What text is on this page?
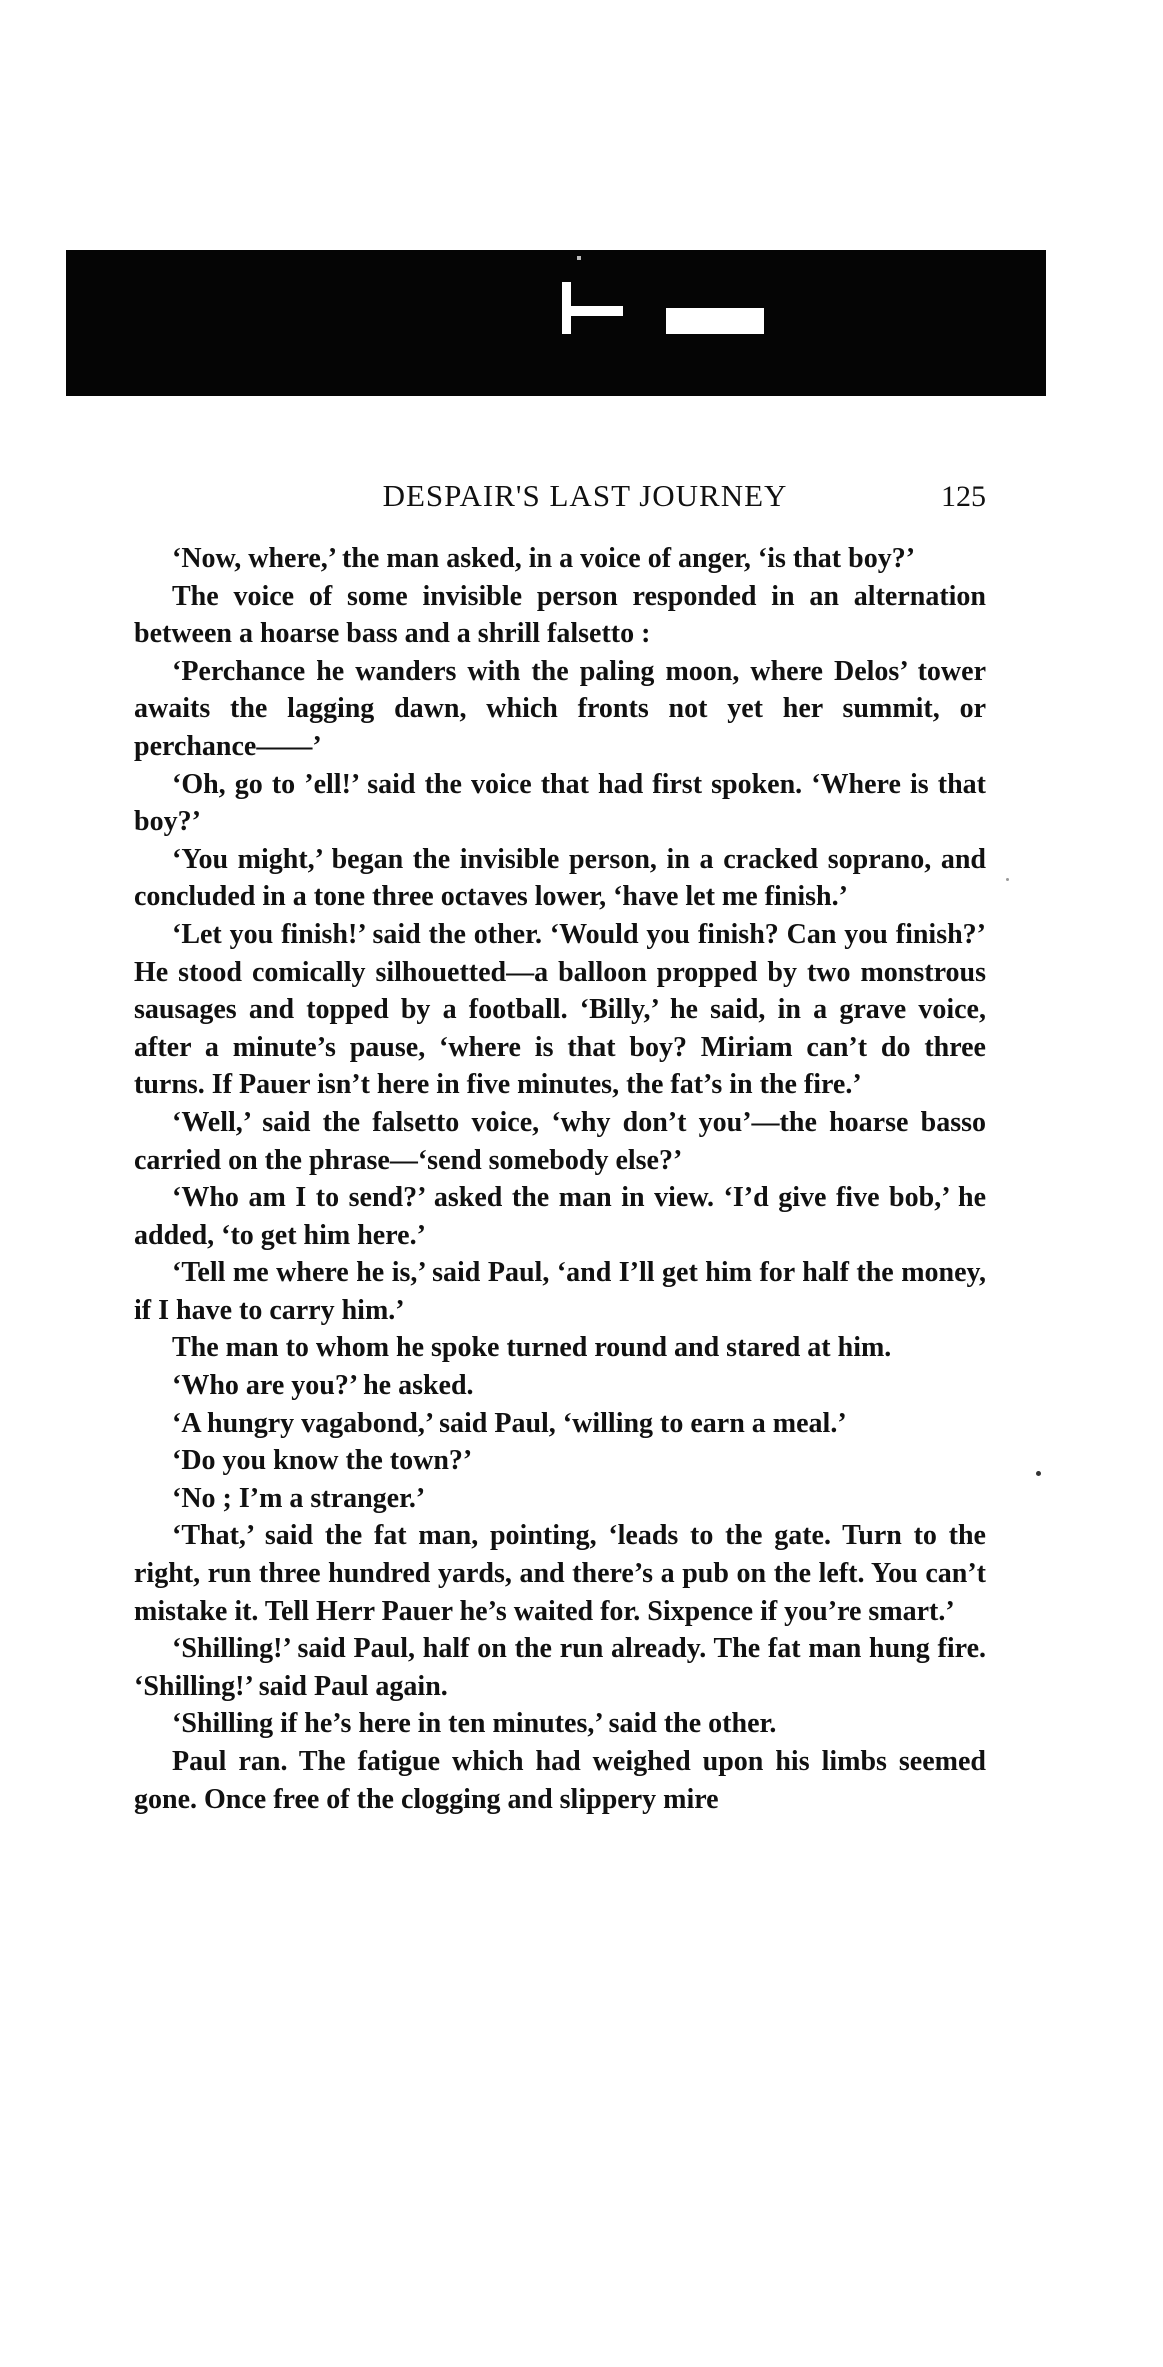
DESPAIR'S LAST JOURNEY	125

‘Now, where,’ the man asked, in a voice of anger, ‘is that boy?’

The voice of some invisible person responded in an alternation between a hoarse bass and a shrill falsetto :

‘Perchance he wanders with the paling moon, where Delos’ tower awaits the lagging dawn, which fronts not yet her summit, or perchance——’

‘Oh, go to ’ell!’ said the voice that had first spoken. ‘Where is that boy?’

‘You might,’ began the invisible person, in a cracked soprano, and concluded in a tone three octaves lower, ‘have let me finish.’

‘Let you finish!’ said the other. ‘Would you finish? Can you finish?’ He stood comically silhouetted—a balloon propped by two monstrous sausages and topped by a football. ‘Billy,’ he said, in a grave voice, after a minute’s pause, ‘where is that boy? Miriam can’t do three turns. If Pauer isn’t here in five minutes, the fat’s in the fire.’

‘Well,’ said the falsetto voice, ‘why don’t you’—the hoarse basso carried on the phrase—‘send somebody else?’

‘Who am I to send?’ asked the man in view. ‘I’d give five bob,’ he added, ‘to get him here.’

‘Tell me where he is,’ said Paul, ‘and I’ll get him for half the money, if I have to carry him.’

The man to whom he spoke turned round and stared at him.

‘Who are you?’ he asked.

‘A hungry vagabond,’ said Paul, ‘willing to earn a meal.’

‘Do you know the town?’

‘No ; I’m a stranger.’

‘That,’ said the fat man, pointing, ‘leads to the gate. Turn to the right, run three hundred yards, and there’s a pub on the left. You can’t mistake it. Tell Herr Pauer he’s waited for. Sixpence if you’re smart.’

‘Shilling!’ said Paul, half on the run already. The fat man hung fire. ‘Shilling!’ said Paul again.

‘Shilling if he’s here in ten minutes,’ said the other.

Paul ran. The fatigue which had weighed upon his limbs seemed gone. Once free of the clogging and slippery mire
